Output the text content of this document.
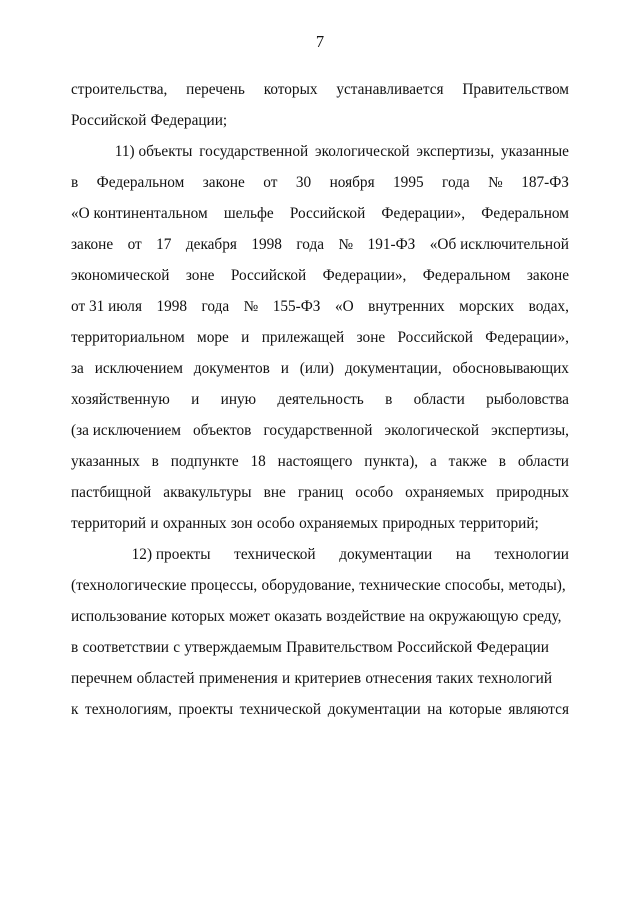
7
строительства, перечень которых устанавливается Правительством
Российской Федерации;
11) объекты государственной экологической экспертизы, указанные
в Федеральном законе от 30 ноября 1995 года № 187-ФЗ
«О континентальном шельфе Российской Федерации», Федеральном
законе от 17 декабря 1998 года № 191-ФЗ «Об исключительной
экономической зоне Российской Федерации», Федеральном законе
от 31 июля 1998 года № 155-ФЗ «О внутренних морских водах,
территориальном море и прилежащей зоне Российской Федерации»,
за исключением документов и (или) документации, обосновывающих
хозяйственную и иную деятельность в области рыболовства
(за исключением объектов государственной экологической экспертизы,
указанных в подпункте 18 настоящего пункта), а также в области
пастбищной аквакультуры вне границ особо охраняемых природных
территорий и охранных зон особо охраняемых природных территорий;
12) проекты технической документации на технологии
(технологические процессы, оборудование, технические способы, методы),
использование которых может оказать воздействие на окружающую среду,
в соответствии с утверждаемым Правительством Российской Федерации
перечнем областей применения и критериев отнесения таких технологий
к технологиям, проекты технической документации на которые являются
